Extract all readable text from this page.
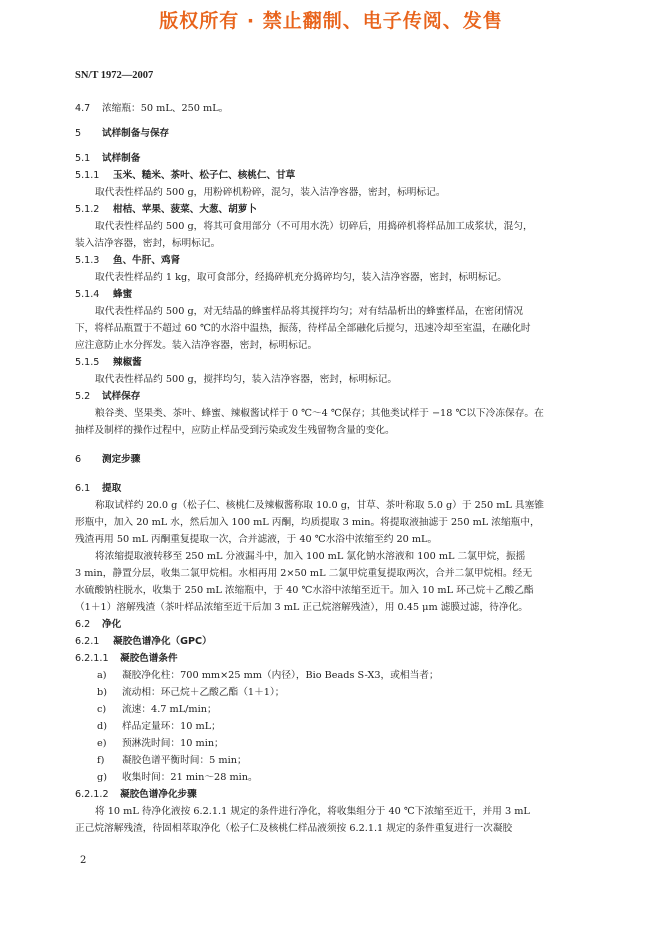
版权所有 · 禁止翻制、电子传阅、发售
SN/T 1972—2007
4.7 浓缩瓶：50 mL、250 mL。
5 试样制备与保存
5.1 试样制备
5.1.1 玉米、糙米、茶叶、松子仁、核桃仁、甘草
取代表性样品约 500 g，用粉碎机粉碎，混匀，装入洁净容器，密封，标明标记。
5.1.2 柑桔、苹果、菠菜、大葱、胡萝卜
取代表性样品约 500 g，将其可食用部分（不可用水洗）切碎后，用捣碎机将样品加工成浆状，混匀，
装入洁净容器，密封，标明标记。
5.1.3 鱼、牛肝、鸡肾
取代表性样品约 1 kg，取可食部分，经捣碎机充分捣碎均匀，装入洁净容器，密封，标明标记。
5.1.4 蜂蜜
取代表性样品约 500 g，对无结晶的蜂蜜样品将其搅拌均匀；对有结晶析出的蜂蜜样品，在密闭情况
下，将样品瓶置于不超过 60 ℃的水浴中温热，振荡，待样品全部融化后搅匀，迅速冷却至室温，在融化时
应注意防止水分挥发。装入洁净容器，密封，标明标记。
5.1.5 辣椒酱
取代表性样品约 500 g，搅拌均匀，装入洁净容器，密封，标明标记。
5.2 试样保存
粮谷类、坚果类、茶叶、蜂蜜、辣椒酱试样于 0 ℃～4 ℃保存；其他类试样于 −18 ℃以下冷冻保存。在
抽样及制样的操作过程中，应防止样品受到污染或发生残留物含量的变化。
6 测定步骤
6.1 提取
称取试样约 20.0 g（松子仁、核桃仁及辣椒酱称取 10.0 g，甘草、茶叶称取 5.0 g）于 250 mL 具塞锥
形瓶中，加入 20 mL 水，然后加入 100 mL 丙酮，均质提取 3 min。将提取液抽滤于 250 mL 浓缩瓶中，
残渣再用 50 mL 丙酮重复提取一次，合并滤液，于 40 ℃水浴中浓缩至约 20 mL。
将浓缩提取液转移至 250 mL 分液漏斗中，加入 100 mL 氯化钠水溶液和 100 mL 二氯甲烷，振摇
3 min，静置分层，收集二氯甲烷相。水相再用 2×50 mL 二氯甲烷重复提取两次，合并二氯甲烷相。经无
水硫酸钠柱脱水，收集于 250 mL 浓缩瓶中，于 40 ℃水浴中浓缩至近干。加入 10 mL 环己烷＋乙酸乙酯
（1＋1）溶解残渣（茶叶样品浓缩至近干后加 3 mL 正己烷溶解残渣），用 0.45 μm 滤膜过滤，待净化。
6.2 净化
6.2.1 凝胶色谱净化（GPC）
6.2.1.1 凝胶色谱条件
a) 凝胶净化柱：700 mm×25 mm（内径），Bio Beads S-X3，或相当者；
b) 流动相：环己烷＋乙酸乙酯（1＋1）；
c) 流速：4.7 mL/min；
d) 样品定量环：10 mL；
e) 预淋洗时间：10 min；
f) 凝胶色谱平衡时间：5 min；
g) 收集时间：21 min～28 min。
6.2.1.2 凝胶色谱净化步骤
将 10 mL 待净化液按 6.2.1.1 规定的条件进行净化，将收集组分于 40 ℃下浓缩至近干，并用 3 mL
正己烷溶解残渣，待固相萃取净化（松子仁及核桃仁样品液须按 6.2.1.1 规定的条件重复进行一次凝胶
2
